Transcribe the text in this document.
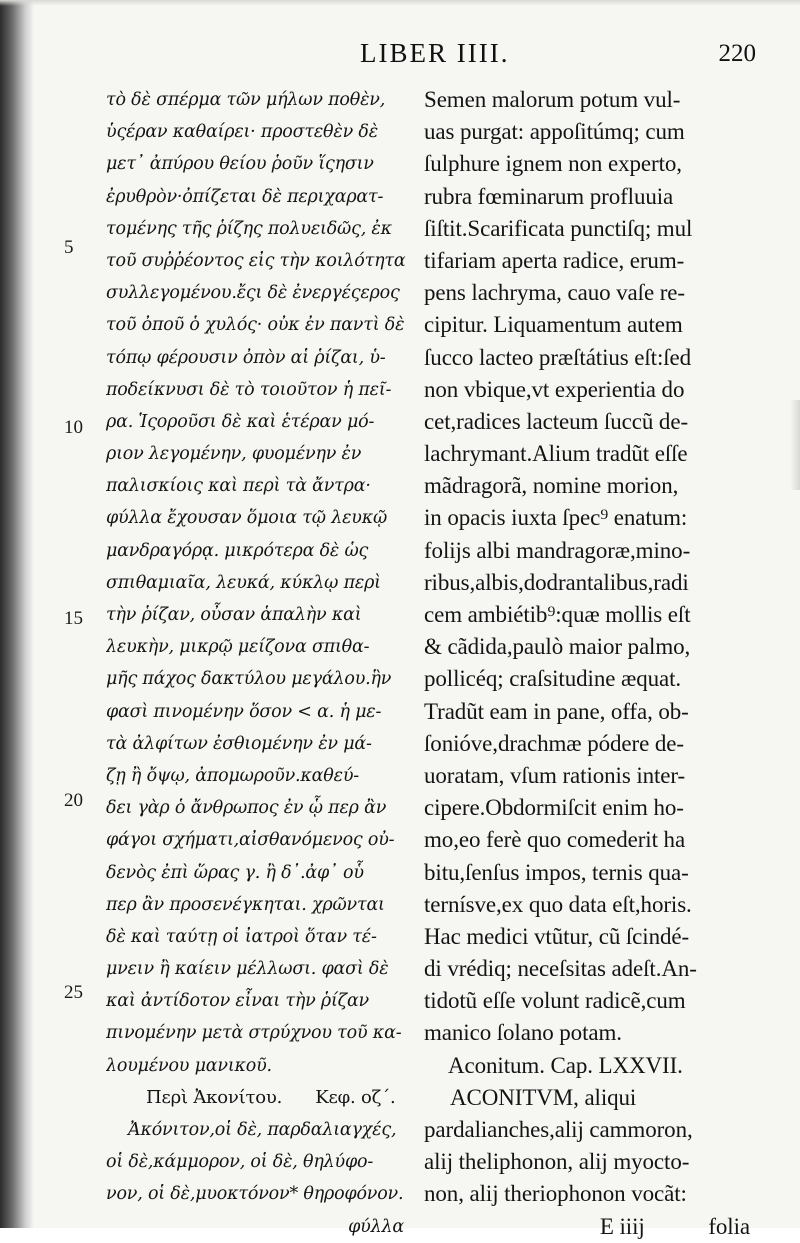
LIBER IIII.	220
5
10
15
20
25
τὸ δὲ σπέρμα τῶν μήλων ποθὲν,
ὑςέραν καθαίρει· προστεθὲν δὲ
μετ᾽ ἀπύρου θείου ῥοῦν ἵςησιν
ἐρυθρὸν·ὀπίζεται δὲ περιχαρατ-
τομένης τῆς ῥίζης πολυειδῶς, ἐκ
τοῦ συῤῥέοντος εἰς τὴν κοιλότητα
συλλεγομένου.ἔςι δὲ ἐνεργέςερος
τοῦ ὀποῦ ὁ χυλός· οὐκ ἐν παντὶ δὲ
τόπῳ φέρουσιν ὀπὸν αἱ ῥίζαι, ὑ-
ποδείκνυσι δὲ τὸ τοιοῦτον ἡ πεῖ-
ρα. Ἱςοροῦσι δὲ καὶ ἑτέραν μό-
ριον λεγομένην, φυομένην ἐν
παλισκίοις καὶ περὶ τὰ ἄντρα·
φύλλα ἔχουσαν ὅμοια τῷ λευκῷ
μανδραγόρᾳ. μικρότερα δὲ ὡς
σπιθαμιαῖα, λευκά, κύκλῳ περὶ
τὴν ῥίζαν, οὖσαν ἁπαλὴν καὶ
λευκὴν, μικρῷ μείζονα σπιθα-
μῆς πάχος δακτύλου μεγάλου.ἣν
φασὶ πινομένην ὅσον < α. ἡ με-
τὰ ἀλφίτων ἐσθιομένην ἐν μά-
ζῃ ἢ ὄψῳ, ἀπομωροῦν.καθεύ-
δει γὰρ ὁ ἄνθρωπος ἐν ᾧ περ ἂν
φάγοι σχήματι,αἰσθανόμενος οὐ-
δενὸς ἐπὶ ὥρας γ. ἢ δ᾽.ἀφ᾽ οὗ
περ ἂν προσενέγκηται. χρῶνται
δὲ καὶ ταύτῃ οἱ ἰατροὶ ὅταν τέ-
μνειν ἢ καίειν μέλλωσι. φασὶ δὲ
καὶ ἀντίδοτον εἶναι τὴν ῥίζαν
πινομένην μετὰ στρύχνου τοῦ κα-
λουμένου μανικοῦ.
Περὶ Ἀκονίτου. Κεφ. οζ´.
Ἀκόνιτον,οἱ δὲ, παρδαλιαγχές,
οἱ δὲ,κάμμορον, οἱ δὲ, θηλύφο-
νον, οἱ δὲ,μυοκτόνον* θηροφόνον.
φύλλα
Semen malorum potum vul-
uas purgat: appoſitúmq; cum
ſulphure ignem non experto,
rubra fœminarum profluuia
ſiſtit.Scarificata punctiſq; mul
tifariam aperta radice, erum-
pens lachryma, cauo vaſe re-
cipitur. Liquamentum autem
ſucco lacteo præſtátius eſt:ſed
non vbique,vt experientia do
cet,radices lacteum ſuccũ de-
lachrymant.Alium tradũt eſſe
mãdragorã, nomine morion,
in opacis iuxta ſpec⁹ enatum:
folijs albi mandragoræ,mino-
ribus,albis,dodrantalibus,radi
cem ambiétib⁹:quæ mollis eſt
& cãdida,paulò maior palmo,
pollicéq; craſsitudine æquat.
Tradũt eam in pane, offa, ob-
ſonióve,drachmæ pódere de-
uoratam, vſum rationis inter-
cipere.Obdormiſcit enim ho-
mo,eo ferè quo comederit ha
bitu,ſenſus impos, ternis qua-
ternísve,ex quo data eſt,horis.
Hac medici vtũtur, cũ ſcindé-
di vrédiq; neceſsitas adeſt.An-
tidotũ eſſe volunt radicẽ,cum
manico ſolano potam.
Aconitum. Cap. LXXVII.
ACONITVM, aliqui
pardalianches,alij cammoron,
alij theliphonon, alij myocto-
non, alij theriophonon vocãt:
E iiij	folia
